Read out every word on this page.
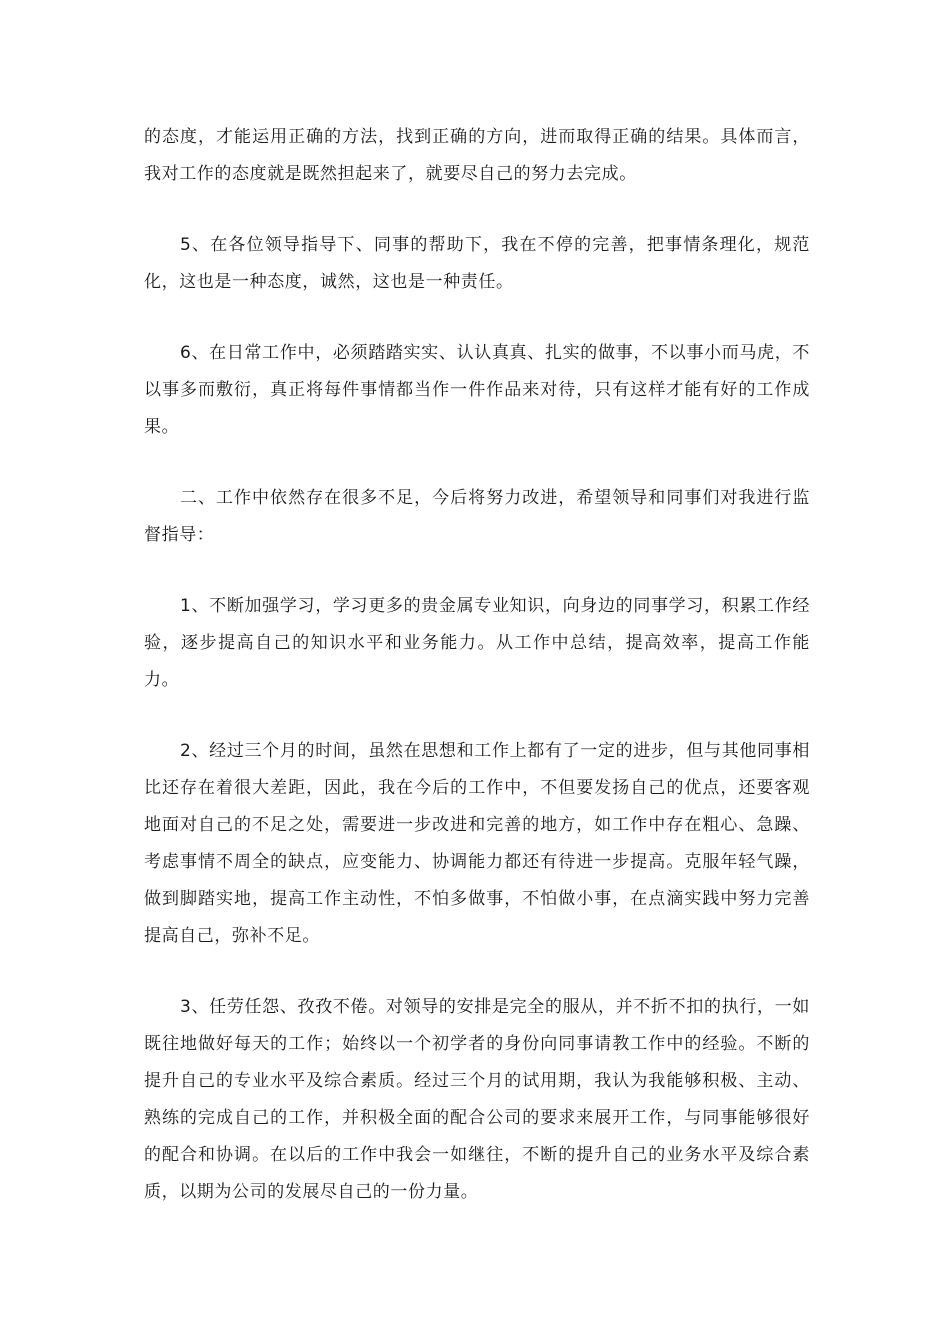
的态度，才能运用正确的方法，找到正确的方向，进而取得正确的结果。具体而言，我对工作的态度就是既然担起来了，就要尽自己的努力去完成。

5、在各位领导指导下、同事的帮助下，我在不停的完善，把事情条理化，规范化，这也是一种态度，诚然，这也是一种责任。

6、在日常工作中，必须踏踏实实、认认真真、扎实的做事，不以事小而马虎，不以事多而敷衍，真正将每件事情都当作一件作品来对待，只有这样才能有好的工作成果。

二、工作中依然存在很多不足，今后将努力改进，希望领导和同事们对我进行监督指导：

1、不断加强学习，学习更多的贵金属专业知识，向身边的同事学习，积累工作经验，逐步提高自己的知识水平和业务能力。从工作中总结，提高效率，提高工作能力。

2、经过三个月的时间，虽然在思想和工作上都有了一定的进步，但与其他同事相比还存在着很大差距，因此，我在今后的工作中，不但要发扬自己的优点，还要客观地面对自己的不足之处，需要进一步改进和完善的地方，如工作中存在粗心、急躁、考虑事情不周全的缺点，应变能力、协调能力都还有待进一步提高。克服年轻气躁，做到脚踏实地，提高工作主动性，不怕多做事，不怕做小事，在点滴实践中努力完善提高自己，弥补不足。

3、任劳任怨、孜孜不倦。对领导的安排是完全的服从，并不折不扣的执行，一如既往地做好每天的工作；始终以一个初学者的身份向同事请教工作中的经验。不断的提升自己的专业水平及综合素质。经过三个月的试用期，我认为我能够积极、主动、熟练的完成自己的工作，并积极全面的配合公司的要求来展开工作，与同事能够很好的配合和协调。在以后的工作中我会一如继往，不断的提升自己的业务水平及综合素质，以期为公司的发展尽自己的一份力量。
